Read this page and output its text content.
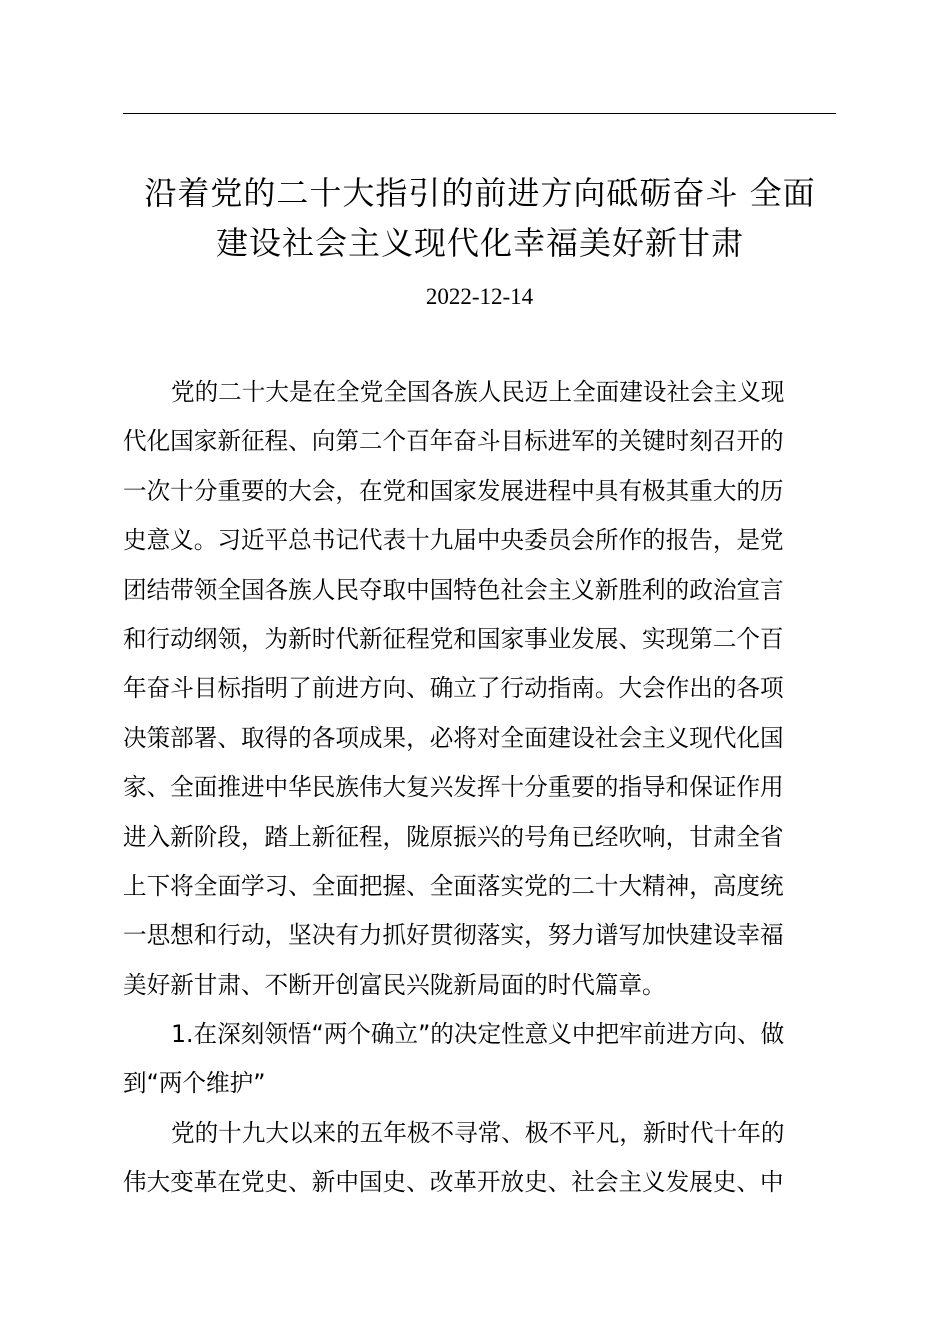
沿着党的二十大指引的前进方向砥砺奋斗 全面
建设社会主义现代化幸福美好新甘肃
2022-12-14
党的二十大是在全党全国各族人民迈上全面建设社会主义现
代化国家新征程、向第二个百年奋斗目标进军的关键时刻召开的
一次十分重要的大会，在党和国家发展进程中具有极其重大的历
史意义。习近平总书记代表十九届中央委员会所作的报告，是党
团结带领全国各族人民夺取中国特色社会主义新胜利的政治宣言
和行动纲领，为新时代新征程党和国家事业发展、实现第二个百
年奋斗目标指明了前进方向、确立了行动指南。大会作出的各项
决策部署、取得的各项成果，必将对全面建设社会主义现代化国
家、全面推进中华民族伟大复兴发挥十分重要的指导和保证作用
进入新阶段，踏上新征程，陇原振兴的号角已经吹响，甘肃全省
上下将全面学习、全面把握、全面落实党的二十大精神，高度统
一思想和行动，坚决有力抓好贯彻落实，努力谱写加快建设幸福
美好新甘肃、不断开创富民兴陇新局面的时代篇章。
1.在深刻领悟“两个确立”的决定性意义中把牢前进方向、做
到“两个维护”
党的十九大以来的五年极不寻常、极不平凡，新时代十年的
伟大变革在党史、新中国史、改革开放史、社会主义发展史、中
